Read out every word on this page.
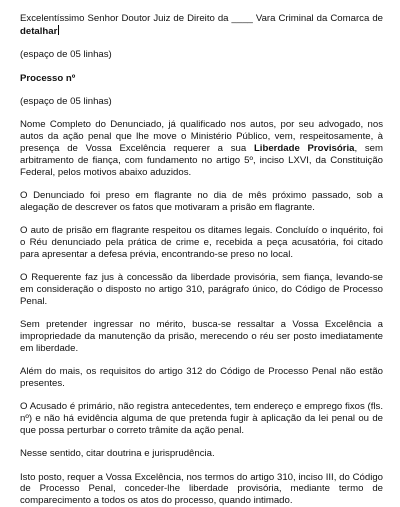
Excelentíssimo Senhor Doutor Juiz de Direito da ____ Vara Criminal da Comarca de detalhar

(espaço de 05 linhas)

Processo nº

(espaço de 05 linhas)

Nome Completo do Denunciado, já qualificado nos autos, por seu advogado, nos autos da ação penal que lhe move o Ministério Público, vem, respeitosamente, à presença de Vossa Excelência requerer a sua Liberdade Provisória, sem arbitramento de fiança, com fundamento no artigo 5º, inciso LXVI, da Constituição Federal, pelos motivos abaixo aduzidos.

O Denunciado foi preso em flagrante no dia de mês próximo passado, sob a alegação de descrever os fatos que motivaram a prisão em flagrante.

O auto de prisão em flagrante respeitou os ditames legais. Concluído o inquérito, foi o Réu denunciado pela prática de crime e, recebida a peça acusatória, foi citado para apresentar a defesa prévia, encontrando-se preso no local.

O Requerente faz jus à concessão da liberdade provisória, sem fiança, levando-se em consideração o disposto no artigo 310, parágrafo único, do Código de Processo Penal.

Sem pretender ingressar no mérito, busca-se ressaltar a Vossa Excelência a impropriedade da manutenção da prisão, merecendo o réu ser posto imediatamente em liberdade.

Além do mais, os requisitos do artigo 312 do Código de Processo Penal não estão presentes.

O Acusado é primário, não registra antecedentes, tem endereço e emprego fixos (fls. nº) e não há evidência alguma de que pretenda fugir à aplicação da lei penal ou de que possa perturbar o correto trâmite da ação penal.

Nesse sentido, citar doutrina e jurisprudência.

Isto posto, requer a Vossa Excelência, nos termos do artigo 310, inciso III, do Código de Processo Penal, conceder-lhe liberdade provisória, mediante termo de comparecimento a todos os atos do processo, quando intimado.
